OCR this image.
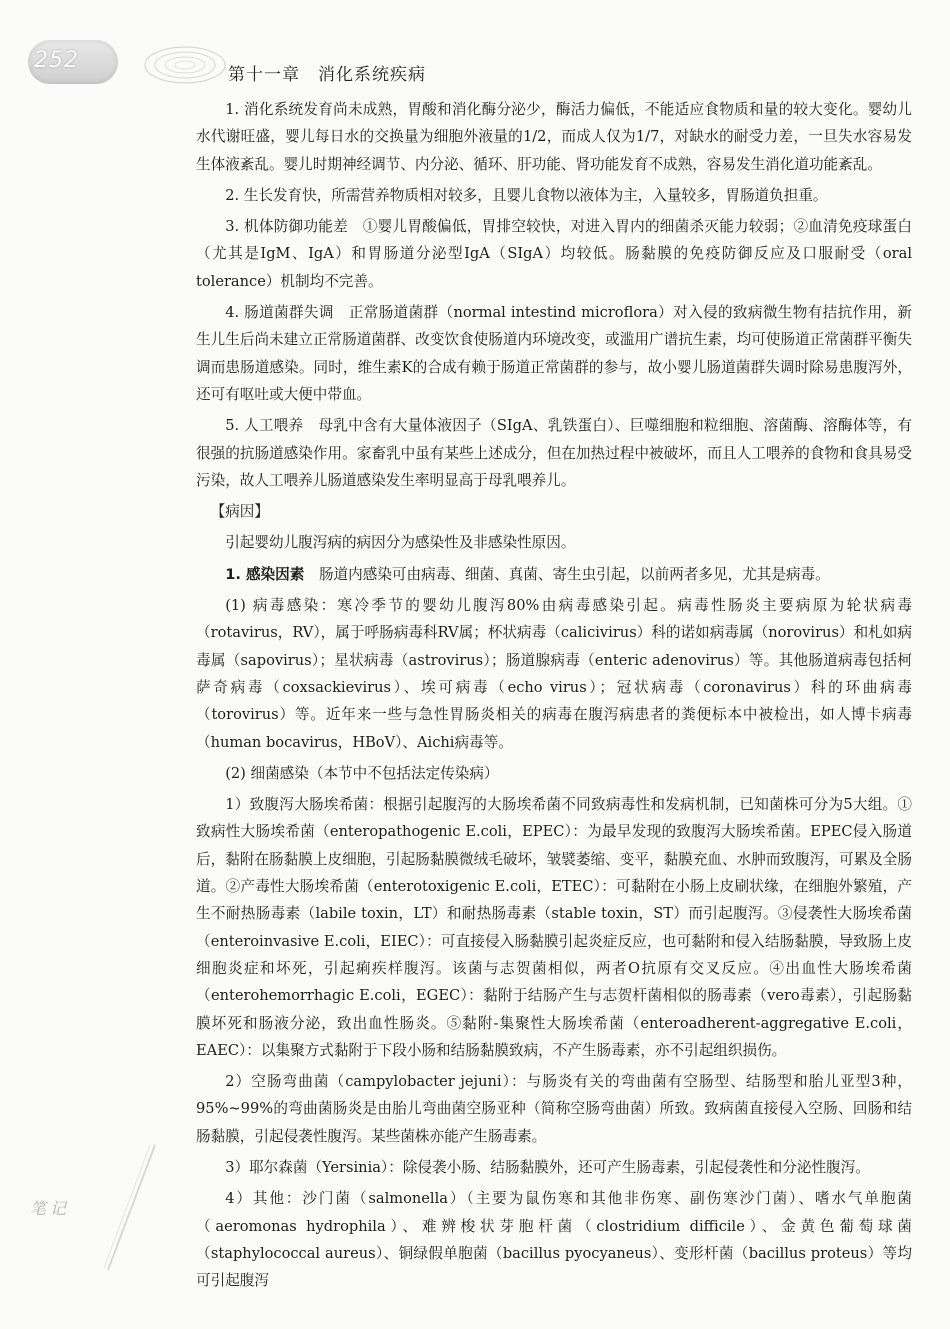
252
第十一章　消化系统疾病

1. 消化系统发育尚未成熟，胃酸和消化酶分泌少，酶活力偏低，不能适应食物质和量的较大变化。婴幼儿水代谢旺盛，婴儿每日水的交换量为细胞外液量的1/2，而成人仅为1/7，对缺水的耐受力差，一旦失水容易发生体液紊乱。婴儿时期神经调节、内分泌、循环、肝功能、肾功能发育不成熟，容易发生消化道功能紊乱。

2. 生长发育快，所需营养物质相对较多，且婴儿食物以液体为主，入量较多，胃肠道负担重。

3. 机体防御功能差　①婴儿胃酸偏低，胃排空较快，对进入胃内的细菌杀灭能力较弱；②血清免疫球蛋白（尤其是IgM、IgA）和胃肠道分泌型IgA（SIgA）均较低。肠黏膜的免疫防御反应及口服耐受（oral tolerance）机制均不完善。

4. 肠道菌群失调　正常肠道菌群（normal intestind microflora）对入侵的致病微生物有拮抗作用，新生儿生后尚未建立正常肠道菌群、改变饮食使肠道内环境改变，或滥用广谱抗生素，均可使肠道正常菌群平衡失调而患肠道感染。同时，维生素K的合成有赖于肠道正常菌群的参与，故小婴儿肠道菌群失调时除易患腹泻外，还可有呕吐或大便中带血。

5. 人工喂养　母乳中含有大量体液因子（SIgA、乳铁蛋白）、巨噬细胞和粒细胞、溶菌酶、溶酶体等，有很强的抗肠道感染作用。家畜乳中虽有某些上述成分，但在加热过程中被破坏，而且人工喂养的食物和食具易受污染，故人工喂养儿肠道感染发生率明显高于母乳喂养儿。

【病因】

引起婴幼儿腹泻病的病因分为感染性及非感染性原因。

1. 感染因素　肠道内感染可由病毒、细菌、真菌、寄生虫引起，以前两者多见，尤其是病毒。

(1) 病毒感染：寒冷季节的婴幼儿腹泻80%由病毒感染引起。病毒性肠炎主要病原为轮状病毒（rotavirus，RV），属于呼肠病毒科RV属；杯状病毒（calicivirus）科的诺如病毒属（norovirus）和札如病毒属（sapovirus）；星状病毒（astrovirus）；肠道腺病毒（enteric adenovirus）等。其他肠道病毒包括柯萨奇病毒（coxsackievirus）、埃可病毒（echo virus）；冠状病毒（coronavirus）科的环曲病毒（torovirus）等。近年来一些与急性胃肠炎相关的病毒在腹泻病患者的粪便标本中被检出，如人博卡病毒（human bocavirus，HBoV）、Aichi病毒等。

(2) 细菌感染（本节中不包括法定传染病）

1）致腹泻大肠埃希菌：根据引起腹泻的大肠埃希菌不同致病毒性和发病机制，已知菌株可分为5大组。①致病性大肠埃希菌（enteropathogenic E.coli，EPEC）：为最早发现的致腹泻大肠埃希菌。EPEC侵入肠道后，黏附在肠黏膜上皮细胞，引起肠黏膜微绒毛破坏，皱襞萎缩、变平，黏膜充血、水肿而致腹泻，可累及全肠道。②产毒性大肠埃希菌（enterotoxigenic E.coli，ETEC）：可黏附在小肠上皮刷状缘，在细胞外繁殖，产生不耐热肠毒素（labile toxin，LT）和耐热肠毒素（stable toxin，ST）而引起腹泻。③侵袭性大肠埃希菌（enteroinvasive E.coli，EIEC）：可直接侵入肠黏膜引起炎症反应，也可黏附和侵入结肠黏膜，导致肠上皮细胞炎症和坏死，引起痢疾样腹泻。该菌与志贺菌相似，两者O抗原有交叉反应。④出血性大肠埃希菌（enterohemorrhagic E.coli，EGEC）：黏附于结肠产生与志贺杆菌相似的肠毒素（vero毒素），引起肠黏膜坏死和肠液分泌，致出血性肠炎。⑤黏附-集聚性大肠埃希菌（enteroadherent-aggregative E.coli，EAEC）：以集聚方式黏附于下段小肠和结肠黏膜致病，不产生肠毒素，亦不引起组织损伤。

2）空肠弯曲菌（campylobacter jejuni）：与肠炎有关的弯曲菌有空肠型、结肠型和胎儿亚型3种，95%~99%的弯曲菌肠炎是由胎儿弯曲菌空肠亚种（简称空肠弯曲菌）所致。致病菌直接侵入空肠、回肠和结肠黏膜，引起侵袭性腹泻。某些菌株亦能产生肠毒素。

3）耶尔森菌（Yersinia）：除侵袭小肠、结肠黏膜外，还可产生肠毒素，引起侵袭性和分泌性腹泻。

4）其他：沙门菌（salmonella）（主要为鼠伤寒和其他非伤寒、副伤寒沙门菌）、嗜水气单胞菌（aeromonas hydrophila）、难辨梭状芽胞杆菌（clostridium difficile）、金黄色葡萄球菌（staphylococcal aureus）、铜绿假单胞菌（bacillus pyocyaneus）、变形杆菌（bacillus proteus）等均可引起腹泻

笔记
